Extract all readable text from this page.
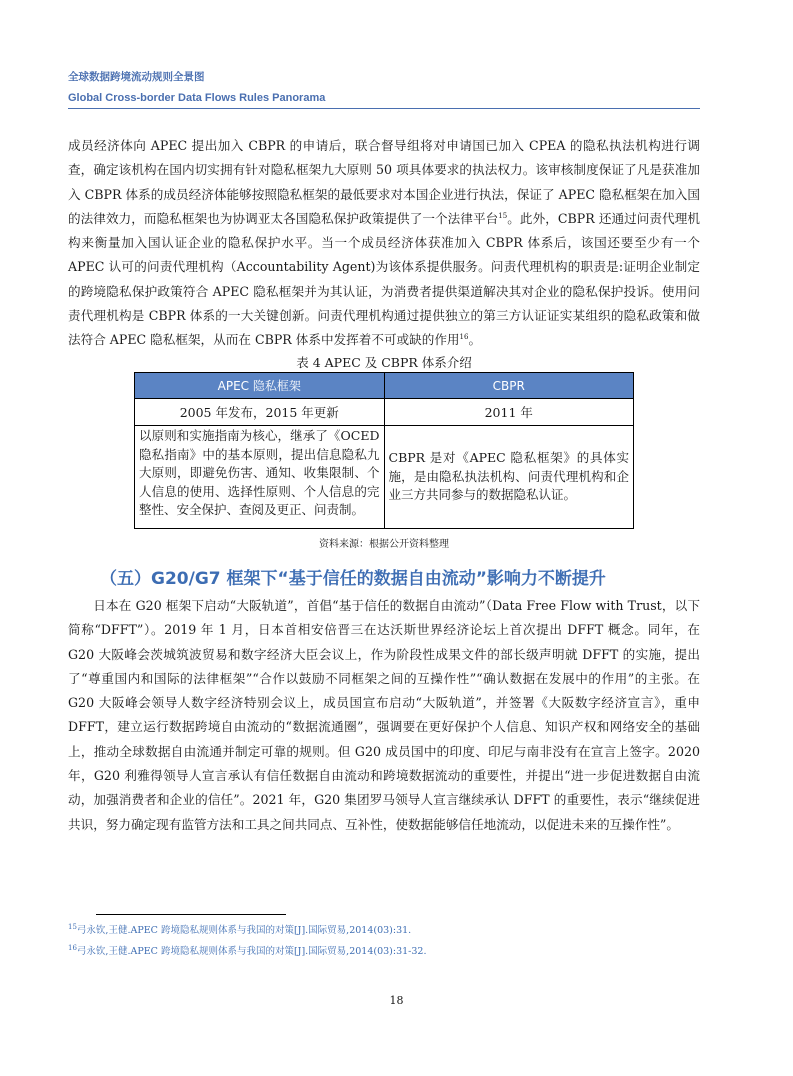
全球数据跨境流动规则全景图
Global Cross-border Data Flows Rules Panorama

成员经济体向 APEC 提出加入 CBPR 的申请后，联合督导组将对申请国已加入 CPEA 的隐私执法机构进行调查，确定该机构在国内切实拥有针对隐私框架九大原则 50 项具体要求的执法权力。该审核制度保证了凡是获准加入 CBPR 体系的成员经济体能够按照隐私框架的最低要求对本国企业进行执法，保证了 APEC 隐私框架在加入国的法律效力，而隐私框架也为协调亚太各国隐私保护政策提供了一个法律平台$^{15}$。此外，CBPR 还通过问责代理机构来衡量加入国认证企业的隐私保护水平。当一个成员经济体获准加入 CBPR 体系后，该国还要至少有一个 APEC 认可的问责代理机构（Accountability Agent)为该体系提供服务。问责代理机构的职责是:证明企业制定的跨境隐私保护政策符合 APEC 隐私框架并为其认证，为消费者提供渠道解决其对企业的隐私保护投诉。使用问责代理机构是 CBPR 体系的一大关键创新。问责代理机构通过提供独立的第三方认证证实某组织的隐私政策和做法符合 APEC 隐私框架，从而在 CBPR 体系中发挥着不可或缺的作用$^{16}$。

表 4 APEC 及 CBPR 体系介绍
APEC 隐私框架	CBPR
2005 年发布，2015 年更新	2011 年
以原则和实施指南为核心，继承了《OCED 隐私指南》中的基本原则，提出信息隐私九大原则，即避免伤害、通知、收集限制、个人信息的使用、选择性原则、个人信息的完整性、安全保护、查阅及更正、问责制。	CBPR 是对《APEC 隐私框架》的具体实施，是由隐私执法机构、问责代理机构和企业三方共同参与的数据隐私认证。
资料来源：根据公开资料整理
（五）G20/G7 框架下“基于信任的数据自由流动”影响力不断提升

日本在 G20 框架下启动“大阪轨道”，首倡“基于信任的数据自由流动”（Data Free Flow with Trust，以下简称“DFFT”）。2019 年 1 月，日本首相安倍晋三在达沃斯世界经济论坛上首次提出 DFFT 概念。同年，在 G20 大阪峰会茨城筑波贸易和数字经济大臣会议上，作为阶段性成果文件的部长级声明就 DFFT 的实施，提出了“尊重国内和国际的法律框架”“合作以鼓励不同框架之间的互操作性”“确认数据在发展中的作用”的主张。在 G20 大阪峰会领导人数字经济特别会议上，成员国宣布启动“大阪轨道”，并签署《大阪数字经济宣言》，重申 DFFT，建立运行数据跨境自由流动的“数据流通圈”，强调要在更好保护个人信息、知识产权和网络安全的基础上，推动全球数据自由流通并制定可靠的规则。但 G20 成员国中的印度、印尼与南非没有在宣言上签字。2020 年，G20 利雅得领导人宣言承认有信任数据自由流动和跨境数据流动的重要性，并提出“进一步促进数据自由流动，加强消费者和企业的信任”。2021 年，G20 集团罗马领导人宣言继续承认 DFFT 的重要性，表示“继续促进共识，努力确定现有监管方法和工具之间共同点、互补性，使数据能够信任地流动，以促进未来的互操作性”。

$^{15}$弓永钦,王健.APEC 跨境隐私规则体系与我国的对策[J].国际贸易,2014(03):31.
$^{16}$弓永钦,王健.APEC 跨境隐私规则体系与我国的对策[J].国际贸易,2014(03):31-32.
18
